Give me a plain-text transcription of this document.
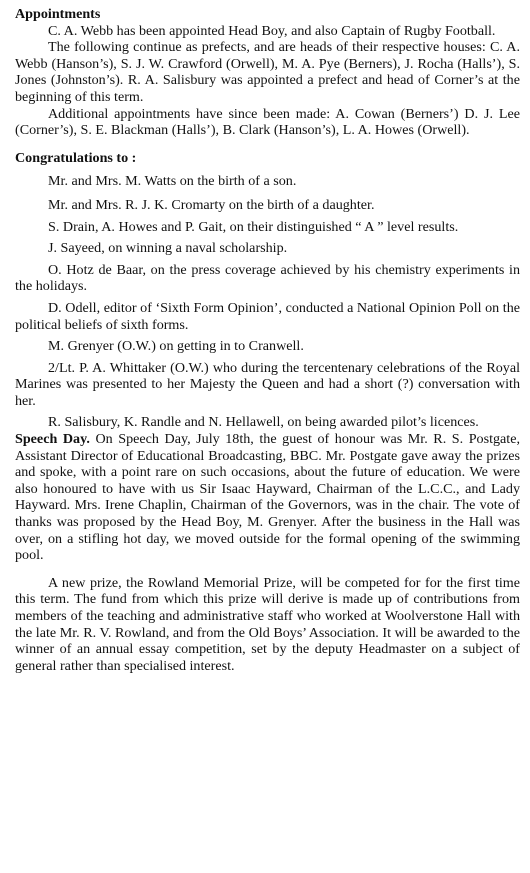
Appointments

C. A. Webb has been appointed Head Boy, and also Captain of Rugby Football.

The following continue as prefects, and are heads of their respective houses: C. A. Webb (Hanson’s), S. J. W. Crawford (Orwell), M. A. Pye (Berners), J. Rocha (Halls’), S. Jones (Johnston’s). R. A. Salisbury was appointed a prefect and head of Corner’s at the beginning of this term.

Additional appointments have since been made: A. Cowan (Berners’) D. J. Lee (Corner’s), S. E. Blackman (Halls’), B. Clark (Hanson’s), L. A. Howes (Orwell).

Congratulations to :

Mr. and Mrs. M. Watts on the birth of a son.

Mr. and Mrs. R. J. K. Cromarty on the birth of a daughter.

S. Drain, A. Howes and P. Gait, on their distinguished “ A ” level results.

J. Sayeed, on winning a naval scholarship.

O. Hotz de Baar, on the press coverage achieved by his chemistry experiments in the holidays.

D. Odell, editor of ‘Sixth Form Opinion’, conducted a National Opinion Poll on the political beliefs of sixth forms.

M. Grenyer (O.W.) on getting in to Cranwell.

2/Lt. P. A. Whittaker (O.W.) who during the tercentenary celebrations of the Royal Marines was presented to her Majesty the Queen and had a short (?) conversation with her.

R. Salisbury, K. Randle and N. Hellawell, on being awarded pilot’s licences.

Speech Day. On Speech Day, July 18th, the guest of honour was Mr. R. S. Postgate, Assistant Director of Educational Broadcasting, BBC. Mr. Postgate gave away the prizes and spoke, with a point rare on such occasions, about the future of education. We were also honoured to have with us Sir Isaac Hayward, Chairman of the L.C.C., and Lady Hayward. Mrs. Irene Chaplin, Chairman of the Governors, was in the chair. The vote of thanks was proposed by the Head Boy, M. Grenyer. After the business in the Hall was over, on a stifling hot day, we moved outside for the formal opening of the swimming pool.

A new prize, the Rowland Memorial Prize, will be competed for for the first time this term. The fund from which this prize will derive is made up of contributions from members of the teaching and administrative staff who worked at Woolverstone Hall with the late Mr. R. V. Rowland, and from the Old Boys’ Association. It will be awarded to the winner of an annual essay competition, set by the deputy Headmaster on a subject of general rather than specialised interest.
